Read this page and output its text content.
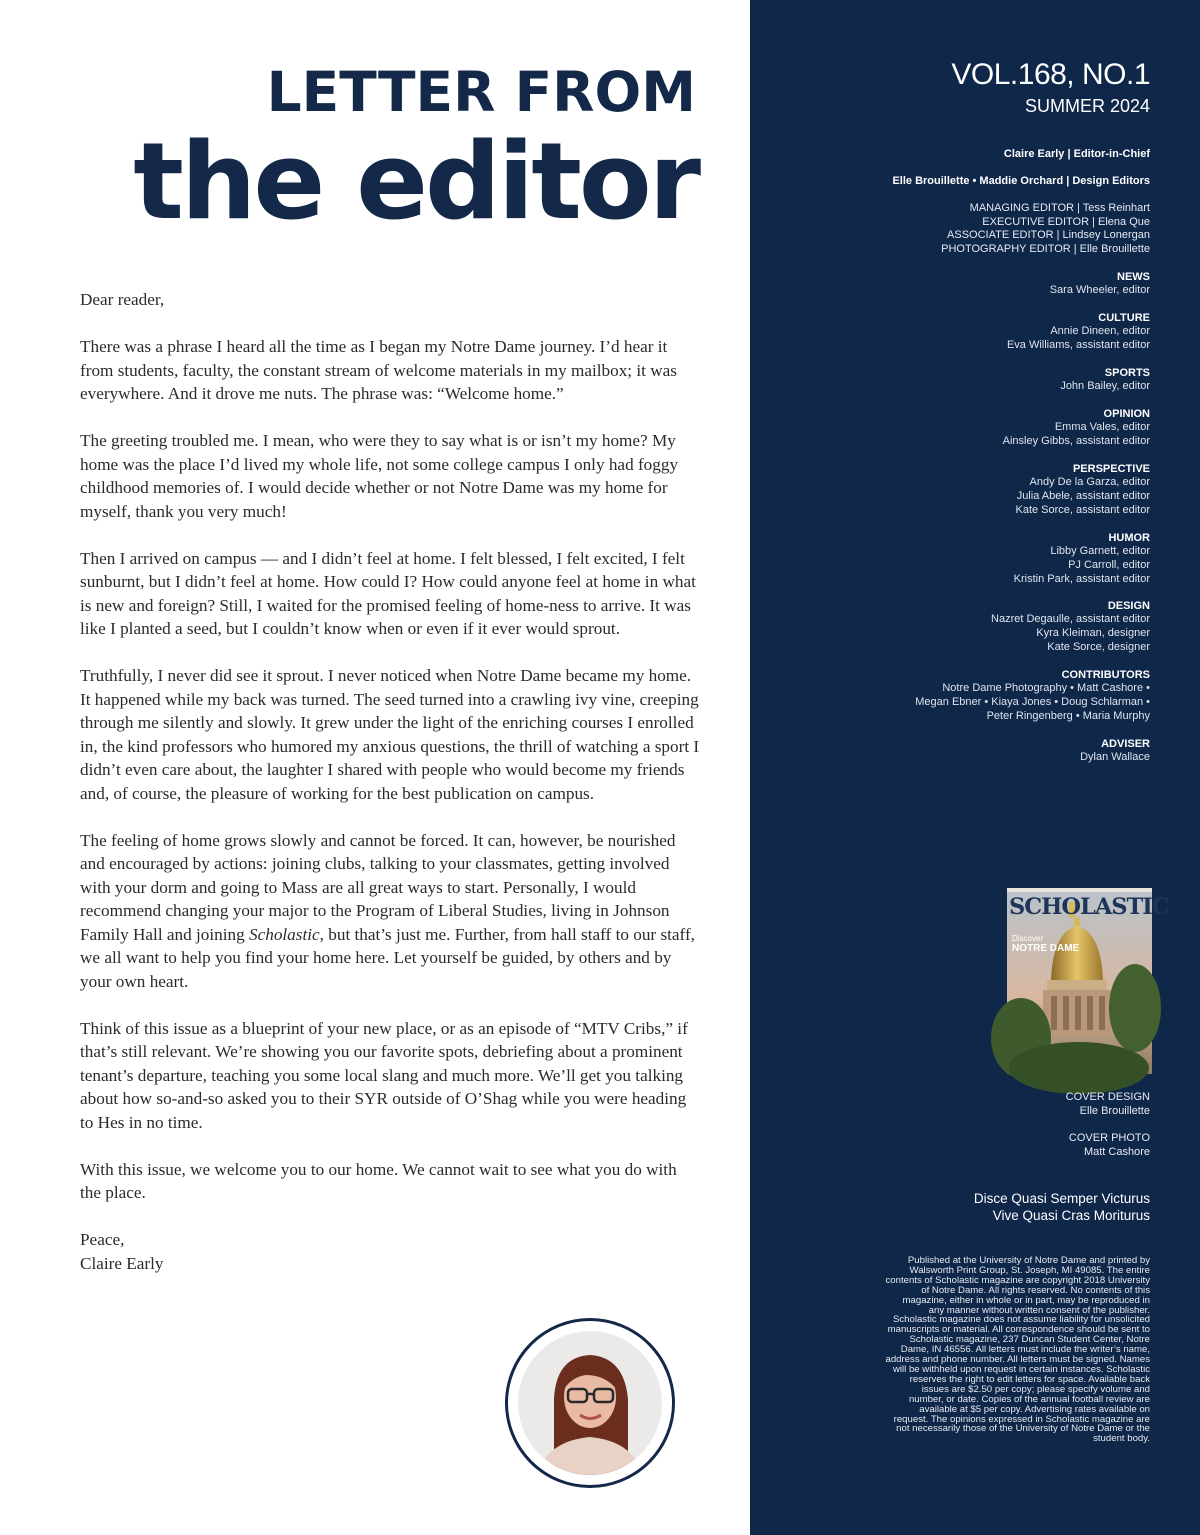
LETTER FROM
the editor

Dear reader,

There was a phrase I heard all the time as I began my Notre Dame journey. I’d hear it from students, faculty, the constant stream of welcome materials in my mailbox; it was everywhere. And it drove me nuts. The phrase was: “Welcome home.”

The greeting troubled me. I mean, who were they to say what is or isn’t my home? My home was the place I’d lived my whole life, not some college campus I only had foggy childhood memories of. I would decide whether or not Notre Dame was my home for myself, thank you very much!

Then I arrived on campus — and I didn’t feel at home. I felt blessed, I felt excited, I felt sunburnt, but I didn’t feel at home. How could I? How could anyone feel at home in what is new and foreign? Still, I waited for the promised feeling of home-ness to arrive. It was like I planted a seed, but I couldn’t know when or even if it ever would sprout.

Truthfully, I never did see it sprout. I never noticed when Notre Dame became my home. It happened while my back was turned. The seed turned into a crawling ivy vine, creeping through me silently and slowly. It grew under the light of the enriching courses I enrolled in, the kind professors who humored my anxious questions, the thrill of watching a sport I didn’t even care about, the laughter I shared with people who would become my friends and, of course, the pleasure of working for the best publication on campus.

The feeling of home grows slowly and cannot be forced. It can, however, be nourished and encouraged by actions: joining clubs, talking to your classmates, getting involved with your dorm and going to Mass are all great ways to start. Personally, I would recommend changing your major to the Program of Liberal Studies, living in Johnson Family Hall and joining Scholastic, but that’s just me. Further, from hall staff to our staff, we all want to help you find your home here. Let yourself be guided, by others and by your own heart.

Think of this issue as a blueprint of your new place, or as an episode of “MTV Cribs,” if that’s still relevant. We’re showing you our favorite spots, debriefing about a prominent tenant’s departure, teaching you some local slang and much more. We’ll get you talking about how so-and-so asked you to their SYR outside of O’Shag while you were heading to Hes in no time.

With this issue, we welcome you to our home. We cannot wait to see what you do with the place.

Peace,

Claire Early

VOL.168, NO.1
SUMMER 2024
Claire Early | Editor-in-Chief
Elle Brouillette • Maddie Orchard | Design Editors
MANAGING EDITOR | Tess Reinhart
EXECUTIVE EDITOR | Elena Que
ASSOCIATE EDITOR | Lindsey Lonergan
PHOTOGRAPHY EDITOR | Elle Brouillette
NEWS
Sara Wheeler, editor
CULTURE
Annie Dineen, editor
Eva Williams, assistant editor
SPORTS
John Bailey, editor
OPINION
Emma Vales, editor
Ainsley Gibbs, assistant editor
PERSPECTIVE
Andy De la Garza, editor
Julia Abele, assistant editor
Kate Sorce, assistant editor
HUMOR
Libby Garnett, editor
PJ Carroll, editor
Kristin Park, assistant editor
DESIGN
Nazret Degaulle, assistant editor
Kyra Kleiman, designer
Kate Sorce, designer
CONTRIBUTORS
Notre Dame Photography • Matt Cashore •
Megan Ebner • Kiaya Jones • Doug Schlarman •
Peter Ringenberg • Maria Murphy
ADVISER
Dylan Wallace
SCHOLASTIC
Discover
NOTRE DAME
COVER DESIGN
Elle Brouillette
COVER PHOTO
Matt Cashore
Disce Quasi Semper Victurus
Vive Quasi Cras Moriturus
Published at the University of Notre Dame and printed by Walsworth Print Group, St. Joseph, MI 49085. The entire contents of Scholastic magazine are copyright 2018 University of Notre Dame. All rights reserved. No contents of this magazine, either in whole or in part, may be reproduced in any manner without written consent of the publisher. Scholastic magazine does not assume liability for unsolicited manuscripts or material. All correspondence should be sent to Scholastic magazine, 237 Duncan Student Center, Notre Dame, IN 46556. All letters must include the writer’s name, address and phone number. All letters must be signed. Names will be withheld upon request in certain instances. Scholastic reserves the right to edit letters for space. Available back issues are $2.50 per copy; please specify volume and number, or date. Copies of the annual football review are available at $5 per copy. Advertising rates available on request. The opinions expressed in Scholastic magazine are not necessarily those of the University of Notre Dame or the student body.
